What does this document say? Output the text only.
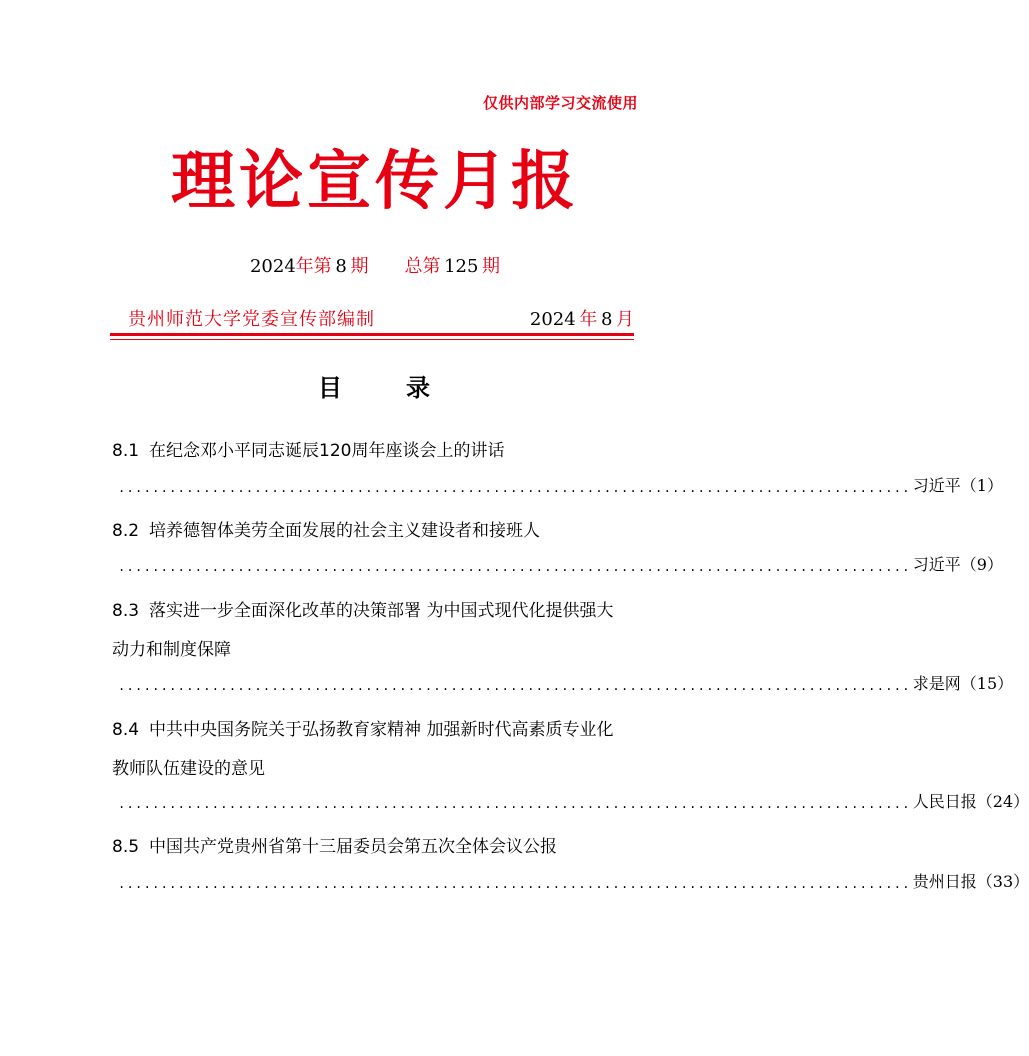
仅供内部学习交流使用
理论宣传月报
2024年第  8  期 总第  125  期
贵州师范大学党委宣传部编制	2024  年  8  月
目	录
8.1 在纪念邓小平同志诞辰120周年座谈会上的讲话
............................................................................................. 习近平（1）
8.2 培养德智体美劳全面发展的社会主义建设者和接班人
............................................................................................. 习近平（9）
8.3 落实进一步全面深化改革的决策部署 为中国式现代化提供强大
动力和制度保障
............................................................................................. 求是网（15）
8.4 中共中央国务院关于弘扬教育家精神 加强新时代高素质专业化
教师队伍建设的意见
............................................................................................. 人民日报（24）
8.5 中国共产党贵州省第十三届委员会第五次全体会议公报
............................................................................................. 贵州日报（33）
